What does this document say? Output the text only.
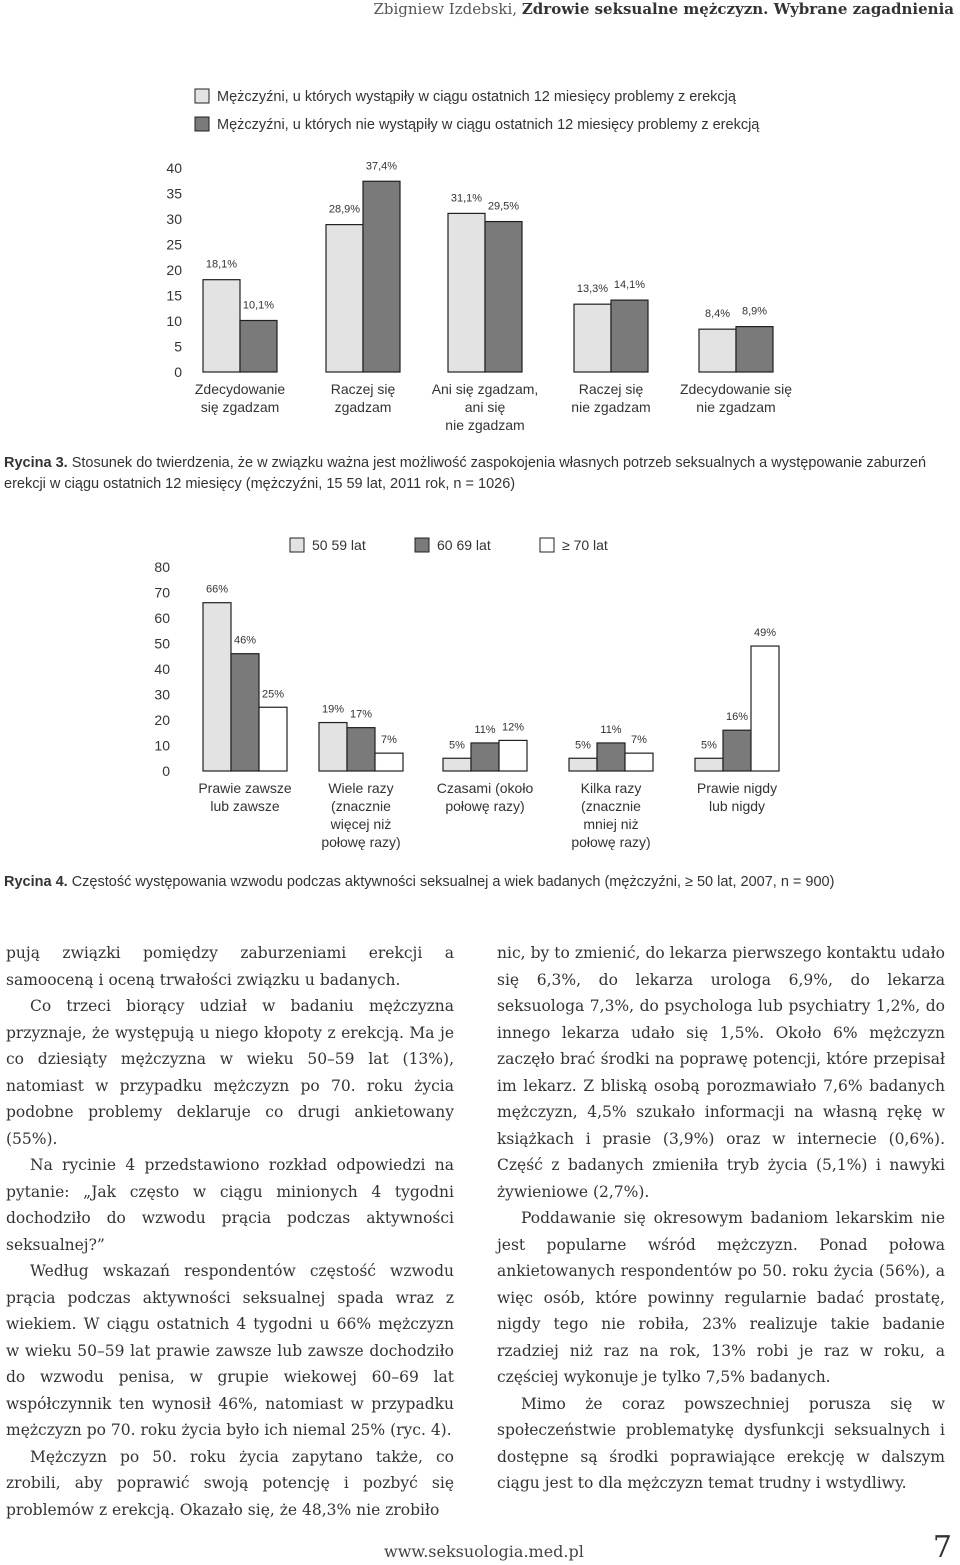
Zbigniew Izdebski, Zdrowie seksualne mężczyzn. Wybrane zagadnienia
Mężczyźni, u których wystąpiły w ciągu ostatnich 12 miesięcy problemy z erekcją
Mężczyźni, u których nie wystąpiły w ciągu ostatnich 12 miesięcy problemy z erekcją
0
5
10
15
20
25
30
35
40
18,1%
10,1%
Zdecydowanie
się zgadzam
28,9%
37,4%
Raczej się
zgadzam
31,1%
29,5%
Ani się zgadzam,
ani się
nie zgadzam
13,3% 14,1%
Raczej się
nie zgadzam
8,4% 8,9%
Zdecydowanie się
nie zgadzam
Rycina 3. Stosunek do twierdzenia, że w związku ważna jest możliwość zaspokojenia własnych potrzeb seksualnych a występowanie zaburzeń erekcji w ciągu ostatnich 12 miesięcy (mężczyźni, 15 59 lat, 2011 rok, n = 1026)
50 59 lat	60 69 lat	≥ 70 lat
0
10
20
30
40
50
60
70
80
66%
46%
25%
Prawie zawsze
lub zawsze
19% 17%
7%
Wiele razy
(znacznie
więcej niż
połowę razy)
5%
11% 12%
Czasami (około
połowę razy)
5%
11%
7%
Kilka razy
(znacznie
mniej niż
połowę razy)
5%
16%
49%
Prawie nigdy
lub nigdy
Rycina 4. Częstość występowania wzwodu podczas aktywności seksualnej a wiek badanych (mężczyźni, ≥ 50 lat, 2007, n = 900)

pują związki pomiędzy zaburzeniami erekcji a samooceną i oceną trwałości związku u badanych.

Co trzeci biorący udział w badaniu mężczyzna przyznaje, że występują u niego kłopoty z erekcją. Ma je co dziesiąty mężczyzna w wieku 50–59 lat (13%), natomiast w przypadku mężczyzn po 70. roku życia podobne problemy deklaruje co drugi ankietowany (55%).

Na rycinie 4 przedstawiono rozkład odpowiedzi na pytanie: „Jak często w ciągu minionych 4 tygodni dochodziło do wzwodu prącia podczas aktywności seksualnej?”

Według wskazań respondentów częstość wzwodu prącia podczas aktywności seksualnej spada wraz z wiekiem. W ciągu ostatnich 4 tygodni u 66% mężczyzn w wieku 50–59 lat prawie zawsze lub zawsze dochodziło do wzwodu penisa, w grupie wiekowej 60–69 lat współczynnik ten wynosił 46%, natomiast w przypadku mężczyzn po 70. roku życia było ich niemal 25% (ryc. 4).

Mężczyzn po 50. roku życia zapytano także, co zrobili, aby poprawić swoją potencję i pozbyć się problemów z erekcją. Okazało się, że 48,3% nie zrobiło

nic, by to zmienić, do lekarza pierwszego kontaktu udało się 6,3%, do lekarza urologa 6,9%, do lekarza seksuologa 7,3%, do psychologa lub psychiatry 1,2%, do innego lekarza udało się 1,5%. Około 6% mężczyzn zaczęło brać środki na poprawę potencji, które przepisał im lekarz. Z bliską osobą porozmawiało 7,6% badanych mężczyzn, 4,5% szukało informacji na własną rękę w książkach i prasie (3,9%) oraz w internecie (0,6%). Część z badanych zmieniła tryb życia (5,1%) i nawyki żywieniowe (2,7%).

Poddawanie się okresowym badaniom lekarskim nie jest popularne wśród mężczyzn. Ponad połowa ankietowanych respondentów po 50. roku życia (56%), a więc osób, które powinny regularnie badać prostatę, nigdy tego nie robiła, 23% realizuje takie badanie rzadziej niż raz na rok, 13% robi je raz w roku, a częściej wykonuje je tylko 7,5% badanych.

Mimo że coraz powszechniej porusza się w społeczeństwie problematykę dysfunkcji seksualnych i dostępne są środki poprawiające erekcję w dalszym ciągu jest to dla mężczyzn temat trudny i wstydliwy.

www.seksuologia.med.pl	7
